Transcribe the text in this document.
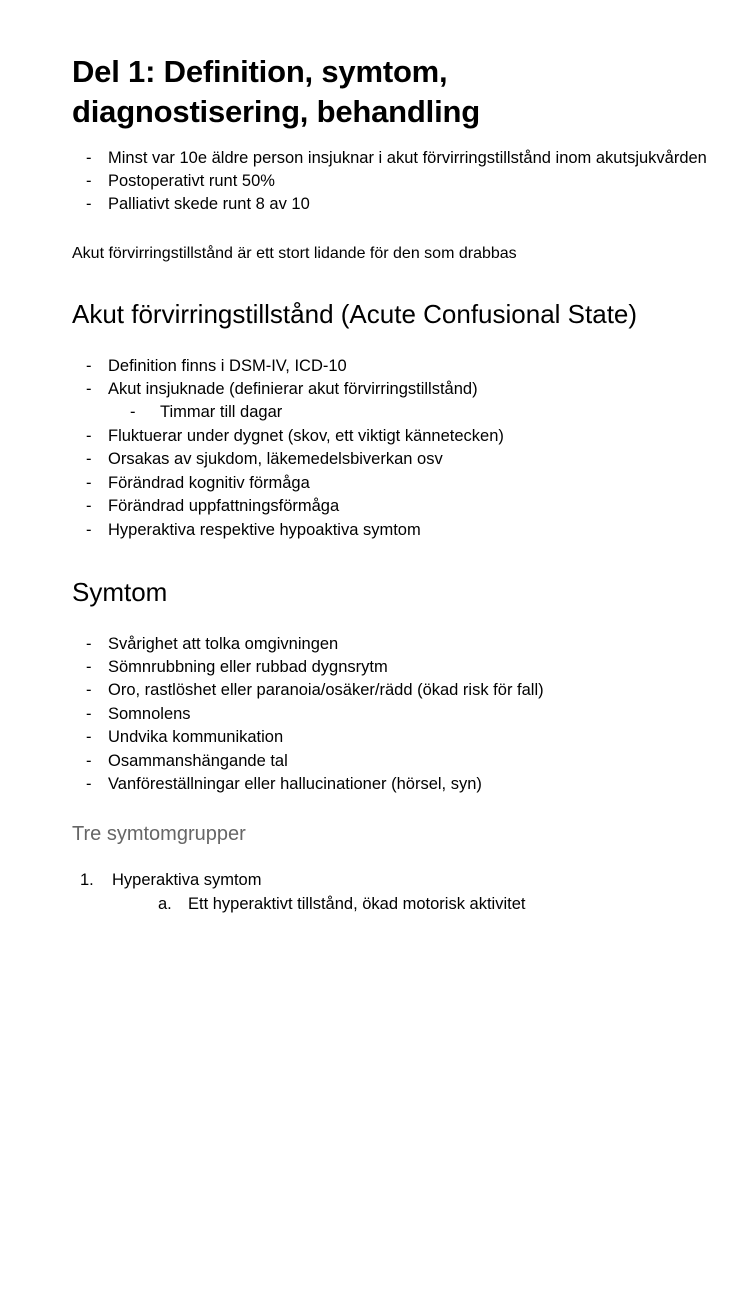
Del 1: Definition, symtom,
diagnostisering, behandling
- Minst var 10e äldre person insjuknar i akut förvirringstillstånd inom akutsjukvården
- Postoperativt runt 50%
- Palliativt skede runt 8 av 10

Akut förvirringstillstånd är ett stort lidande för den som drabbas

Akut förvirringstillstånd (Acute Confusional State)
- Definition finns i DSM-IV, ICD-10
- Akut insjuknade (definierar akut förvirringstillstånd)
- Timmar till dagar
- Fluktuerar under dygnet (skov, ett viktigt kännetecken)
- Orsakas av sjukdom, läkemedelsbiverkan osv
- Förändrad kognitiv förmåga
- Förändrad uppfattningsförmåga
- Hyperaktiva respektive hypoaktiva symtom
Symtom
- Svårighet att tolka omgivningen
- Sömnrubbning eller rubbad dygnsrytm
- Oro, rastlöshet eller paranoia/osäker/rädd (ökad risk för fall)
- Somnolens
- Undvika kommunikation
- Osammanshängande tal
- Vanföreställningar eller hallucinationer (hörsel, syn)
Tre symtomgrupper
1. Hyperaktiva symtom
a. Ett hyperaktivt tillstånd, ökad motorisk aktivitet
